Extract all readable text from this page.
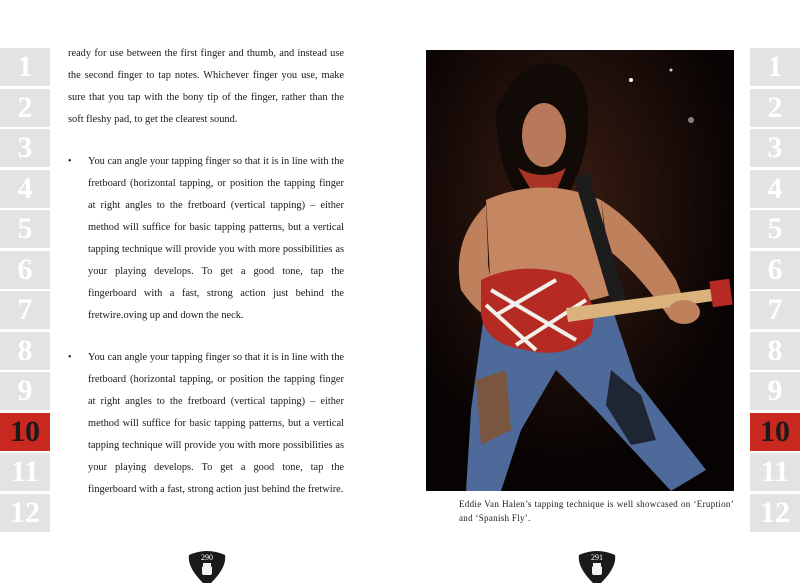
1
2
3
4
5
6
7
8
9
10
11
12
1
2
3
4
5
6
7
8
9
10
11
12

ready for use between the first finger and thumb, and instead use the second finger to tap notes. Whichever finger you use, make sure that you tap with the bony tip of the finger, rather than the soft fleshy pad, to get the clearest sound.

• You can angle your tapping finger so that it is in line with the fretboard (horizontal tapping, or position the tapping finger at right angles to the fretboard (vertical tapping) – either method will suffice for basic tapping patterns, but a vertical tapping technique will provide you with more possibilities as your playing develops. To get a good tone, tap the fingerboard with a fast, strong action just behind the fretwire.oving up and down the neck.

• You can angle your tapping finger so that it is in line with the fretboard (horizontal tapping, or position the tapping finger at right angles to the fretboard (vertical tapping) – either method will suffice for basic tapping patterns, but a vertical tapping technique will provide you with more possibilities as your playing develops. To get a good tone, tap the fingerboard with a fast, strong action just behind the fretwire.

Eddie Van Halen’s tapping technique is well showcased on ‘Eruption’ and ‘Spanish Fly’.
290	291
